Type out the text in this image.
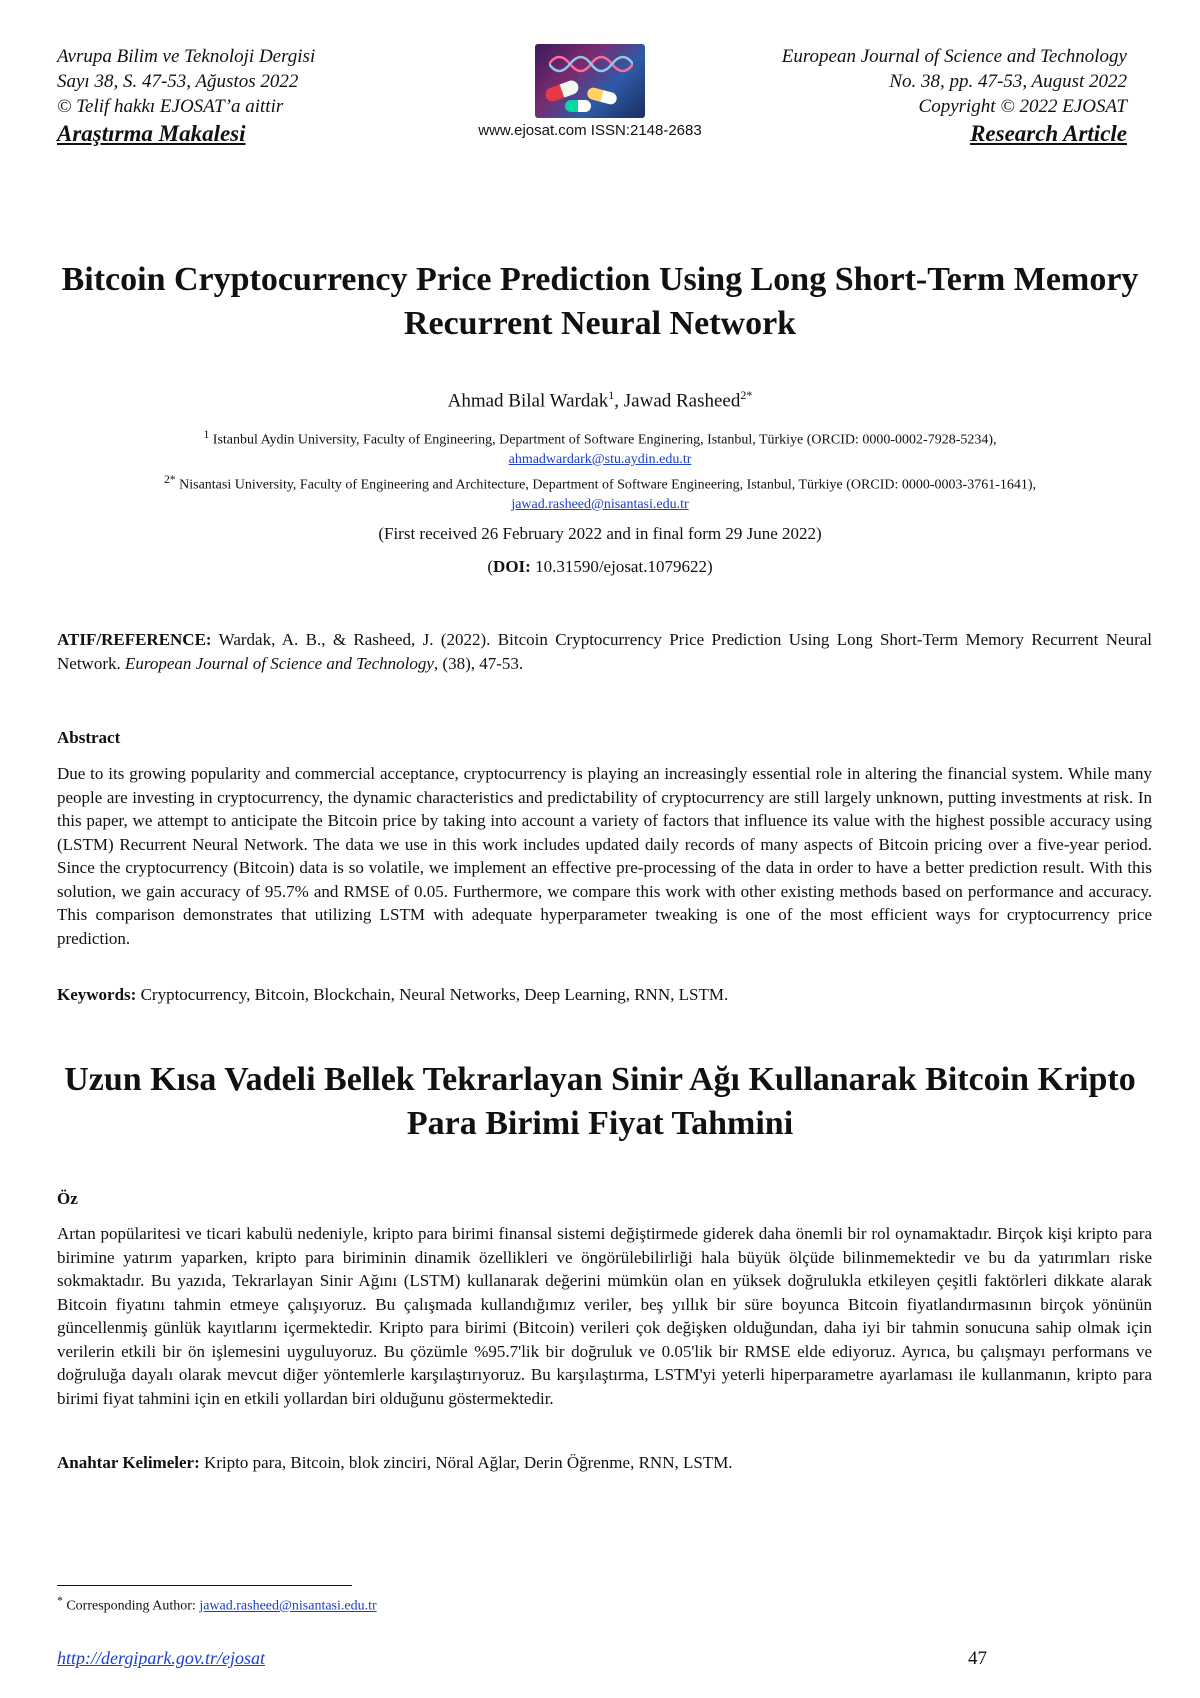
Avrupa Bilim ve Teknoloji Dergisi
Sayı 38, S. 47-53, Ağustos 2022
© Telif hakkı EJOSAT’a aittir
Araştırma Makalesi	www.ejosat.com ISSN:2148-2683
European Journal of Science and Technology
No. 38, pp. 47-53, August 2022
Copyright © 2022 EJOSAT
Research Article
Bitcoin Cryptocurrency Price Prediction Using Long Short-Term Memory Recurrent Neural Network
Ahmad Bilal Wardak$^1$, Jawad Rasheed$^{2*}$
$^1$ Istanbul Aydin University, Faculty of Engineering, Department of Software Enginering, Istanbul, Türkiye (ORCID: 0000-0002-7928-5234),
ahmadwardark@stu.aydin.edu.tr
$^{2*}$ Nisantasi University, Faculty of Engineering and Architecture, Department of Software Engineering, Istanbul, Türkiye (ORCID: 0000-0003-3761-1641),
jawad.rasheed@nisantasi.edu.tr
(First received 26 February 2022 and in final form 29 June 2022)
(DOI: 10.31590/ejosat.1079622)
ATIF/REFERENCE: Wardak, A. B., & Rasheed, J. (2022). Bitcoin Cryptocurrency Price Prediction Using Long Short-Term Memory Recurrent Neural Network. European Journal of Science and Technology, (38), 47-53.
Abstract
Due to its growing popularity and commercial acceptance, cryptocurrency is playing an increasingly essential role in altering the financial system. While many people are investing in cryptocurrency, the dynamic characteristics and predictability of cryptocurrency are still largely unknown, putting investments at risk. In this paper, we attempt to anticipate the Bitcoin price by taking into account a variety of factors that influence its value with the highest possible accuracy using (LSTM) Recurrent Neural Network. The data we use in this work includes updated daily records of many aspects of Bitcoin pricing over a five-year period. Since the cryptocurrency (Bitcoin) data is so volatile, we implement an effective pre-processing of the data in order to have a better prediction result. With this solution, we gain accuracy of 95.7% and RMSE of 0.05. Furthermore, we compare this work with other existing methods based on performance and accuracy. This comparison demonstrates that utilizing LSTM with adequate hyperparameter tweaking is one of the most efficient ways for cryptocurrency price prediction.
Keywords: Cryptocurrency, Bitcoin, Blockchain, Neural Networks, Deep Learning, RNN, LSTM.
Uzun Kısa Vadeli Bellek Tekrarlayan Sinir Ağı Kullanarak Bitcoin Kripto Para Birimi Fiyat Tahmini
Öz
Artan popülaritesi ve ticari kabulü nedeniyle, kripto para birimi finansal sistemi değiştirmede giderek daha önemli bir rol oynamaktadır. Birçok kişi kripto para birimine yatırım yaparken, kripto para biriminin dinamik özellikleri ve öngörülebilirliği hala büyük ölçüde bilinmemektedir ve bu da yatırımları riske sokmaktadır. Bu yazıda, Tekrarlayan Sinir Ağını (LSTM) kullanarak değerini mümkün olan en yüksek doğrulukla etkileyen çeşitli faktörleri dikkate alarak Bitcoin fiyatını tahmin etmeye çalışıyoruz. Bu çalışmada kullandığımız veriler, beş yıllık bir süre boyunca Bitcoin fiyatlandırmasının birçok yönünün güncellenmiş günlük kayıtlarını içermektedir. Kripto para birimi (Bitcoin) verileri çok değişken olduğundan, daha iyi bir tahmin sonucuna sahip olmak için verilerin etkili bir ön işlemesini uyguluyoruz. Bu çözümle %95.7'lik bir doğruluk ve 0.05'lik bir RMSE elde ediyoruz. Ayrıca, bu çalışmayı performans ve doğruluğa dayalı olarak mevcut diğer yöntemlerle karşılaştırıyoruz. Bu karşılaştırma, LSTM'yi yeterli hiperparametre ayarlaması ile kullanmanın, kripto para birimi fiyat tahmini için en etkili yollardan biri olduğunu göstermektedir.
Anahtar Kelimeler: Kripto para, Bitcoin, blok zinciri, Nöral Ağlar, Derin Öğrenme, RNN, LSTM.
* Corresponding Author: jawad.rasheed@nisantasi.edu.tr
http://dergipark.gov.tr/ejosat	47
